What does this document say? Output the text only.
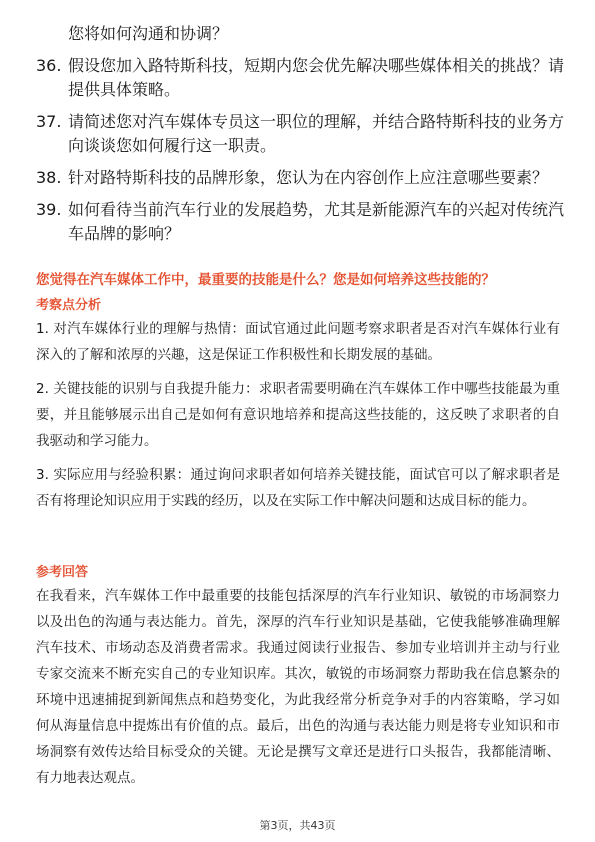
您将如何沟通和协调？
36. 假设您加入路特斯科技，短期内您会优先解决哪些媒体相关的挑战？请提供具体策略。
37. 请简述您对汽车媒体专员这一职位的理解，并结合路特斯科技的业务方向谈谈您如何履行这一职责。
38. 针对路特斯科技的品牌形象，您认为在内容创作上应注意哪些要素？
39. 如何看待当前汽车行业的发展趋势，尤其是新能源汽车的兴起对传统汽车品牌的影响？
您觉得在汽车媒体工作中，最重要的技能是什么？您是如何培养这些技能的？
考察点分析
1. 对汽车媒体行业的理解与热情：面试官通过此问题考察求职者是否对汽车媒体行业有深入的了解和浓厚的兴趣，这是保证工作积极性和长期发展的基础。
2. 关键技能的识别与自我提升能力：求职者需要明确在汽车媒体工作中哪些技能最为重要，并且能够展示出自己是如何有意识地培养和提高这些技能的，这反映了求职者的自我驱动和学习能力。
3. 实际应用与经验积累：通过询问求职者如何培养关键技能，面试官可以了解求职者是否有将理论知识应用于实践的经历，以及在实际工作中解决问题和达成目标的能力。
参考回答
在我看来，汽车媒体工作中最重要的技能包括深厚的汽车行业知识、敏锐的市场洞察力以及出色的沟通与表达能力。首先，深厚的汽车行业知识是基础，它使我能够准确理解汽车技术、市场动态及消费者需求。我通过阅读行业报告、参加专业培训并主动与行业专家交流来不断充实自己的专业知识库。其次，敏锐的市场洞察力帮助我在信息繁杂的环境中迅速捕捉到新闻焦点和趋势变化，为此我经常分析竞争对手的内容策略，学习如何从海量信息中提炼出有价值的点。最后，出色的沟通与表达能力则是将专业知识和市场洞察有效传达给目标受众的关键。无论是撰写文章还是进行口头报告，我都能清晰、有力地表达观点。
第3页，共43页
